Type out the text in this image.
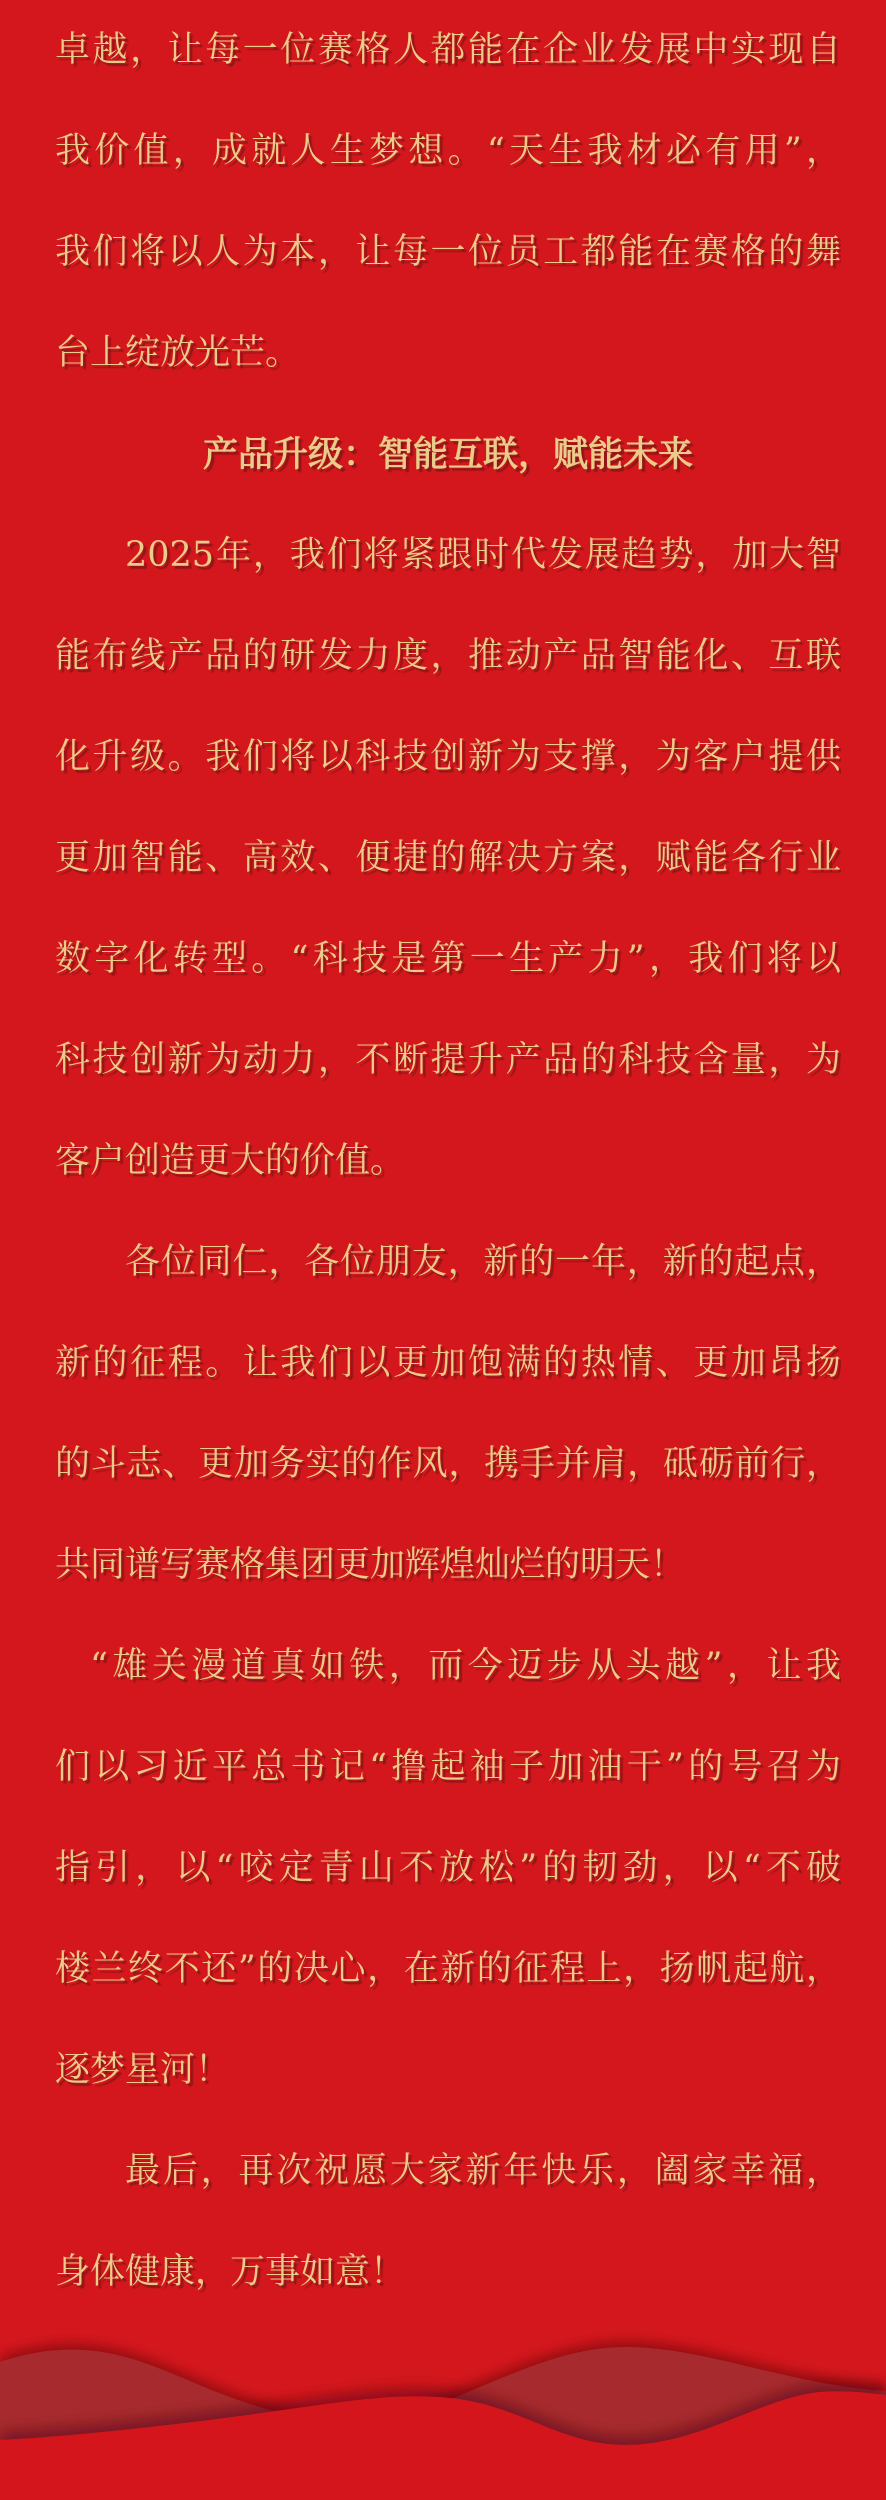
卓越，让每一位赛格人都能在企业发展中实现自
我价值，成就人生梦想。“天生我材必有用”，
我们将以人为本，让每一位员工都能在赛格的舞
台上绽放光芒。
产品升级：智能互联，赋能未来
2025年，我们将紧跟时代发展趋势，加大智
能布线产品的研发力度，推动产品智能化、互联
化升级。我们将以科技创新为支撑，为客户提供
更加智能、高效、便捷的解决方案，赋能各行业
数字化转型。“科技是第一生产力”，我们将以
科技创新为动力，不断提升产品的科技含量，为
客户创造更大的价值。
各位同仁，各位朋友，新的一年，新的起点，
新的征程。让我们以更加饱满的热情、更加昂扬
的斗志、更加务实的作风，携手并肩，砥砺前行，
共同谱写赛格集团更加辉煌灿烂的明天！
“雄关漫道真如铁，而今迈步从头越”，让我
们以习近平总书记“撸起袖子加油干”的号召为
指引，以“咬定青山不放松”的韧劲，以“不破
楼兰终不还”的决心，在新的征程上，扬帆起航，
逐梦星河！
最后，再次祝愿大家新年快乐，阖家幸福，
身体健康，万事如意！
